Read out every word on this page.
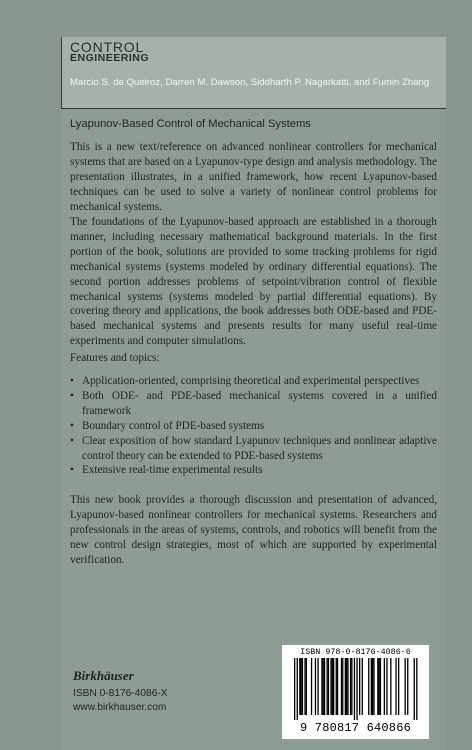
CONTROL
ENGINEERING
Marcio S. de Queiroz, Darren M. Dawson, Siddharth P. Nagarkatti, and Fumin Zhang
Lyapunov-Based Control of Mechanical Systems
This is a new text/reference on advanced nonlinear controllers for mechanical systems that are based on a Lyapunov-type design and analysis methodology. The presentation illustrates, in a unified framework, how recent Lyapunov-based techniques can be used to solve a variety of nonlinear control problems for mechanical systems.
The foundations of the Lyapunov-based approach are established in a thorough manner, including necessary mathematical background materials. In the first portion of the book, solutions are provided to some tracking problems for rigid mechanical systems (systems modeled by ordinary differential equations). The second portion addresses problems of setpoint/vibration control of flexible mechanical systems (systems modeled by partial differential equations). By covering theory and applications, the book addresses both ODE-based and PDE-based mechanical systems and presents results for many useful real-time experiments and computer simulations.
Features and topics:
• Application-oriented, comprising theoretical and experimental perspectives
• Both ODE- and PDE-based mechanical systems covered in a unified framework
• Boundary control of PDE-based systems
• Clear exposition of how standard Lyapunov techniques and nonlinear adaptive control theory can be extended to PDE-based systems
• Extensive real-time experimental results
This new book provides a thorough discussion and presentation of advanced, Lyapunov-based nonlinear controllers for mechanical systems. Researchers and professionals in the areas of systems, controls, and robotics will benefit from the new control design strategies, most of which are supported by experimental verification.
Birkhäuser
ISBN 0-8176-4086-X
www.birkhauser.com
ISBN 978-0-8176-4086-6
9 780817 640866
